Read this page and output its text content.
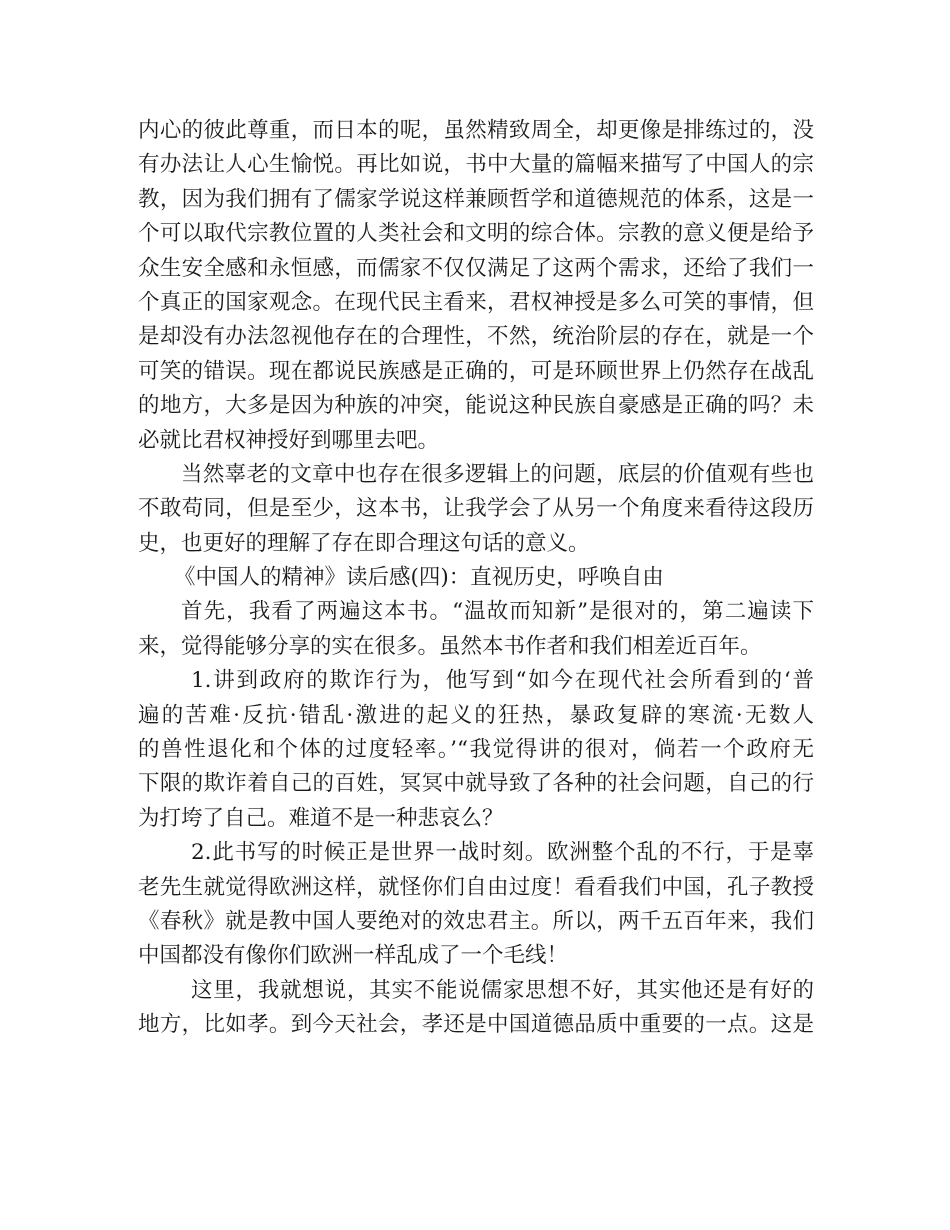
内心的彼此尊重，而日本的呢，虽然精致周全，却更像是排练过的，没
有办法让人心生愉悦。再比如说，书中大量的篇幅来描写了中国人的宗
教，因为我们拥有了儒家学说这样兼顾哲学和道德规范的体系，这是一
个可以取代宗教位置的人类社会和文明的综合体。宗教的意义便是给予
众生安全感和永恒感，而儒家不仅仅满足了这两个需求，还给了我们一
个真正的国家观念。在现代民主看来，君权神授是多么可笑的事情，但
是却没有办法忽视他存在的合理性，不然，统治阶层的存在，就是一个
可笑的错误。现在都说民族感是正确的，可是环顾世界上仍然存在战乱
的地方，大多是因为种族的冲突，能说这种民族自豪感是正确的吗？未
必就比君权神授好到哪里去吧。
当然辜老的文章中也存在很多逻辑上的问题，底层的价值观有些也
不敢苟同，但是至少，这本书，让我学会了从另一个角度来看待这段历
史，也更好的理解了存在即合理这句话的意义。
《中国人的精神》读后感(四)：直视历史，呼唤自由
首先，我看了两遍这本书。“温故而知新”是很对的，第二遍读下
来，觉得能够分享的实在很多。虽然本书作者和我们相差近百年。
1.讲到政府的欺诈行为，他写到“如今在现代社会所看到的‘普
遍的苦难·反抗·错乱·激进的起义的狂热，暴政复辟的寒流·无数人
的兽性退化和个体的过度轻率。’“我觉得讲的很对，倘若一个政府无
下限的欺诈着自己的百姓，冥冥中就导致了各种的社会问题，自己的行
为打垮了自己。难道不是一种悲哀么？
2.此书写的时候正是世界一战时刻。欧洲整个乱的不行，于是辜
老先生就觉得欧洲这样，就怪你们自由过度！看看我们中国，孔子教授
《春秋》就是教中国人要绝对的效忠君主。所以，两千五百年来，我们
中国都没有像你们欧洲一样乱成了一个毛线！
这里，我就想说，其实不能说儒家思想不好，其实他还是有好的
地方，比如孝。到今天社会，孝还是中国道德品质中重要的一点。这是
